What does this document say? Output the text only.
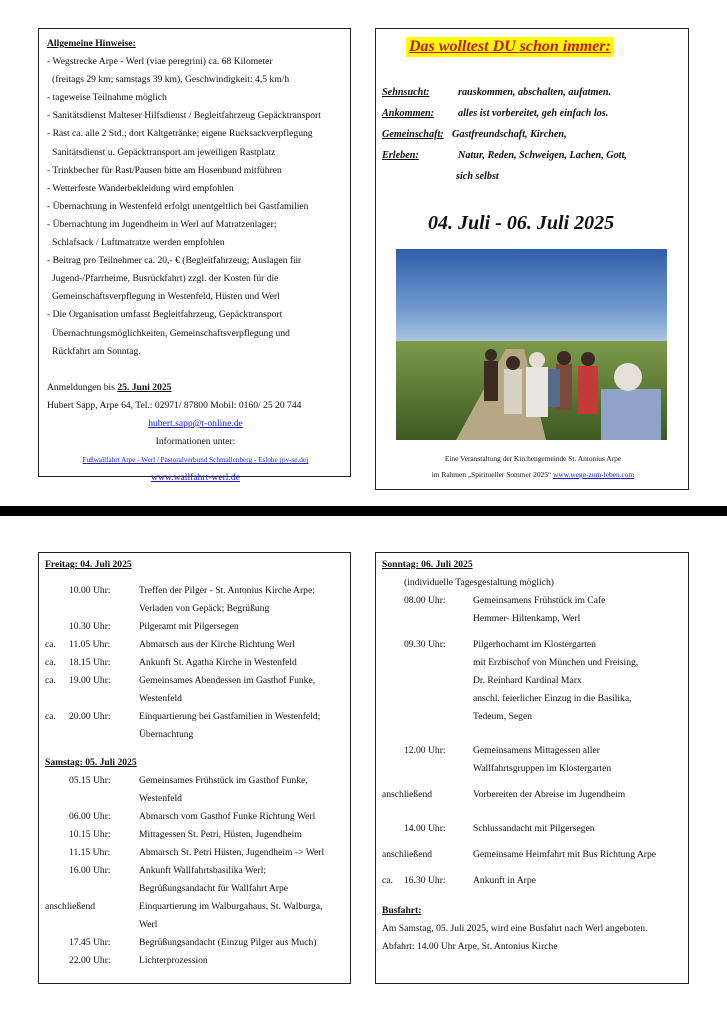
Allgemeine Hinweise:
- Wegstrecke Arpe - Werl (viae peregrini) ca. 68 Kilometer
(freitags 29 km; samstags 39 km), Geschwindigkeit: 4,5 km/h
- tageweise Teilnahme möglich
- Sanitätsdienst Malteser Hilfsdienst / Begleitfahrzeug Gepäcktransport
- Rast ca. alle 2 Std.; dort Kaltgetränke; eigene Rucksackverpflegung
Sanitätsdienst u. Gepäcktransport am jeweiligen Rastplatz
- Trinkbecher für Rast/Pausen bitte am Hosenbund mitführen
- Wetterfeste Wanderbekleidung wird empfohlen
- Übernachtung in Westenfeld erfolgt unentgeltlich bei Gastfamilien
- Übernachtung im Jugendheim in Werl auf Matratzenlager;
Schlafsack / Luftmatratze werden empfohlen
- Beitrag pro Teilnehmer ca. 20,- € (Begleitfahrzeug; Auslagen für
Jugend-/Pfarrheime, Busrückfahrt) zzgl. der Kosten für die
Gemeinschaftsverpflegung in Westenfeld, Hüsten und Werl
- Die Organisation umfasst Begleitfahrzeug, Gepäcktransport
Übernachtungsmöglichkeiten, Gemeinschaftsverpflegung und
Rückfahrt am Sonntag.
Anmeldungen bis 25. Juni 2025
Hubert Sapp, Arpe 64, Tel.: 02971/ 87800 Mobil: 0160/ 25 20 744
hubert.sapp@t-online.de
Informationen unter:
Fußwallfahrt Arpe - Werl / Pastoralverbund Schmallenberg - Eslohe (pv-se.de)
www.wallfahrt-werl.de
Das wolltest DU schon immer:
Sehnsucht:	rauskommen, abschalten, aufatmen.
Ankommen: alles ist vorbereitet, geh einfach los.
Gemeinschaft: Gastfreundschaft, Kirchen,
Erleben:	Natur, Reden, Schweigen, Lachen, Gott,
sich selbst
04. Juli - 06. Juli 2025
Eine Veranstaltung der Kirchengemeinde St. Antonius Arpe
im Rahmen „Spiritueller Sommer 2025“ www.wege-zum-leben.com
Freitag: 04. Juli 2025
10.00 Uhr:	Treffen der Pilger - St. Antonius Kirche Arpe;
Verladen von Gepäck; Begrüßung
10.30 Uhr:	Pilgeramt mit Pilgersegen
ca. 11.05 Uhr:	Abmarsch aus der Kirche Richtung Werl
ca. 18.15 Uhr:	Ankunft St. Agatha Kirche in Westenfeld
ca. 19.00 Uhr:	Gemeinsames Abendessen im Gasthof Funke,
Westenfeld
ca. 20.00 Uhr:	Einquartierung bei Gastfamilien in Westenfeld;
Übernachtung
Samstag: 05. Juli 2025
05.15 Uhr:	Gemeinsames Frühstück im Gasthof Funke,
Westenfeld
06.00 Uhr:	Abmarsch vom Gasthof Funke Richtung Werl
10.15 Uhr:	Mittagessen St. Petri, Hüsten, Jugendheim
11.15 Uhr:	Abmarsch St. Petri Hüsten, Jugendheim -> Werl
16.00 Uhr:	Ankunft Wallfahrtsbasilika Werl;
Begrüßungsandacht für Wallfahrt Arpe
anschließend	Einquartierung im Walburgahaus, St. Walburga,
Werl
17.45 Uhr:	Begrüßungsandacht (Einzug Pilger aus Much)
22.00 Uhr:	Lichterprozession
Sonntag: 06. Juli 2025
(individuelle Tagesgestaltung möglich)
08.00 Uhr:	Gemeinsamens Frühstück im Cafe
Hemmer- Hiltenkamp, Werl
09.30 Uhr:	Pilgerhochamt im Klostergarten
mit Erzbischof von München und Freising,
Dr. Reinhard Kardinal Marx
anschl. feierlicher Einzug in die Basilika,
Tedeum, Segen
12.00 Uhr:	Gemeinsamens Mittagessen aller
Wallfahrtsgruppen im Klostergarten
anschließend	Vorbereiten der Abreise im Jugendheim
14.00 Uhr:	Schlussandacht mit Pilgersegen
anschließend	Gemeinsame Heimfahrt mit Bus Richtung Arpe
ca. 16.30 Uhr:	Ankunft in Arpe
Busfahrt:
Am Samstag, 05. Juli 2025, wird eine Busfahrt nach Werl angeboten.
Abfahrt: 14.00 Uhr Arpe, St. Antonius Kirche
